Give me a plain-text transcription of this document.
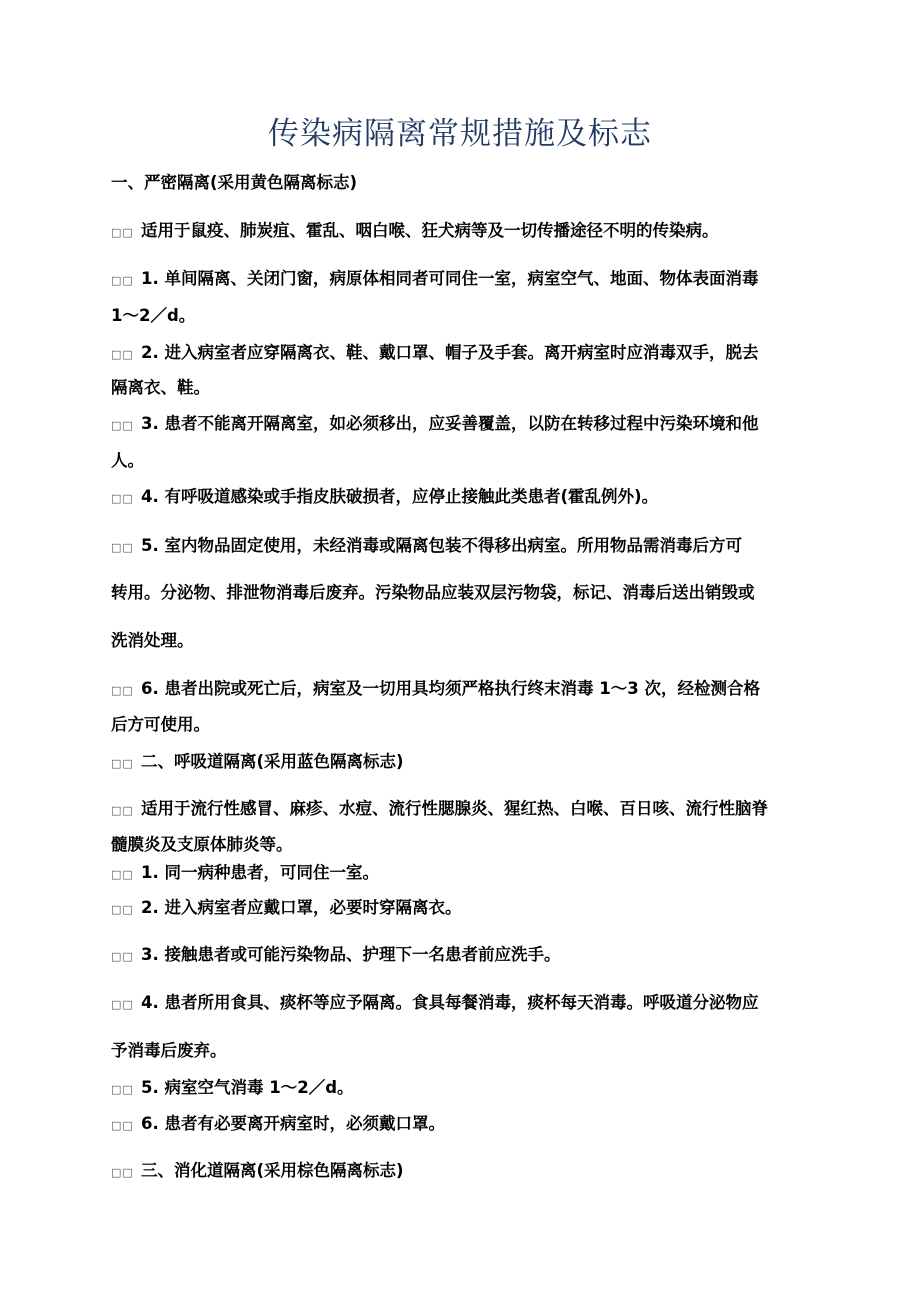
传染病隔离常规措施及标志
一、严密隔离(采用黄色隔离标志)
□□适用于鼠疫、肺炭疽、霍乱、咽白喉、狂犬病等及一切传播途径不明的传染病。
□□1. 单间隔离、关闭门窗，病原体相同者可同住一室，病室空气、地面、物体表面消毒
1～2／d。
□□2. 进入病室者应穿隔离衣、鞋、戴口罩、帽子及手套。离开病室时应消毒双手，脱去
隔离衣、鞋。
□□3. 患者不能离开隔离室，如必须移出，应妥善覆盖，以防在转移过程中污染环境和他
人。
□□4. 有呼吸道感染或手指皮肤破损者，应停止接触此类患者(霍乱例外)。
□□5. 室内物品固定使用，未经消毒或隔离包装不得移出病室。所用物品需消毒后方可
转用。分泌物、排泄物消毒后废弃。污染物品应装双层污物袋，标记、消毒后送出销毁或
洗消处理。
□□6. 患者出院或死亡后，病室及一切用具均须严格执行终末消毒 1～3 次，经检测合格
后方可使用。
□□二、呼吸道隔离(采用蓝色隔离标志)
□□适用于流行性感冒、麻疹、水痘、流行性腮腺炎、猩红热、白喉、百日咳、流行性脑脊
髓膜炎及支原体肺炎等。
□□1. 同一病种患者，可同住一室。
□□2. 进入病室者应戴口罩，必要时穿隔离衣。
□□3. 接触患者或可能污染物品、护理下一名患者前应洗手。
□□4. 患者所用食具、痰杯等应予隔离。食具每餐消毒，痰杯每天消毒。呼吸道分泌物应
予消毒后废弃。
□□5. 病室空气消毒 1～2／d。
□□6. 患者有必要离开病室时，必须戴口罩。
□□三、消化道隔离(采用棕色隔离标志)
